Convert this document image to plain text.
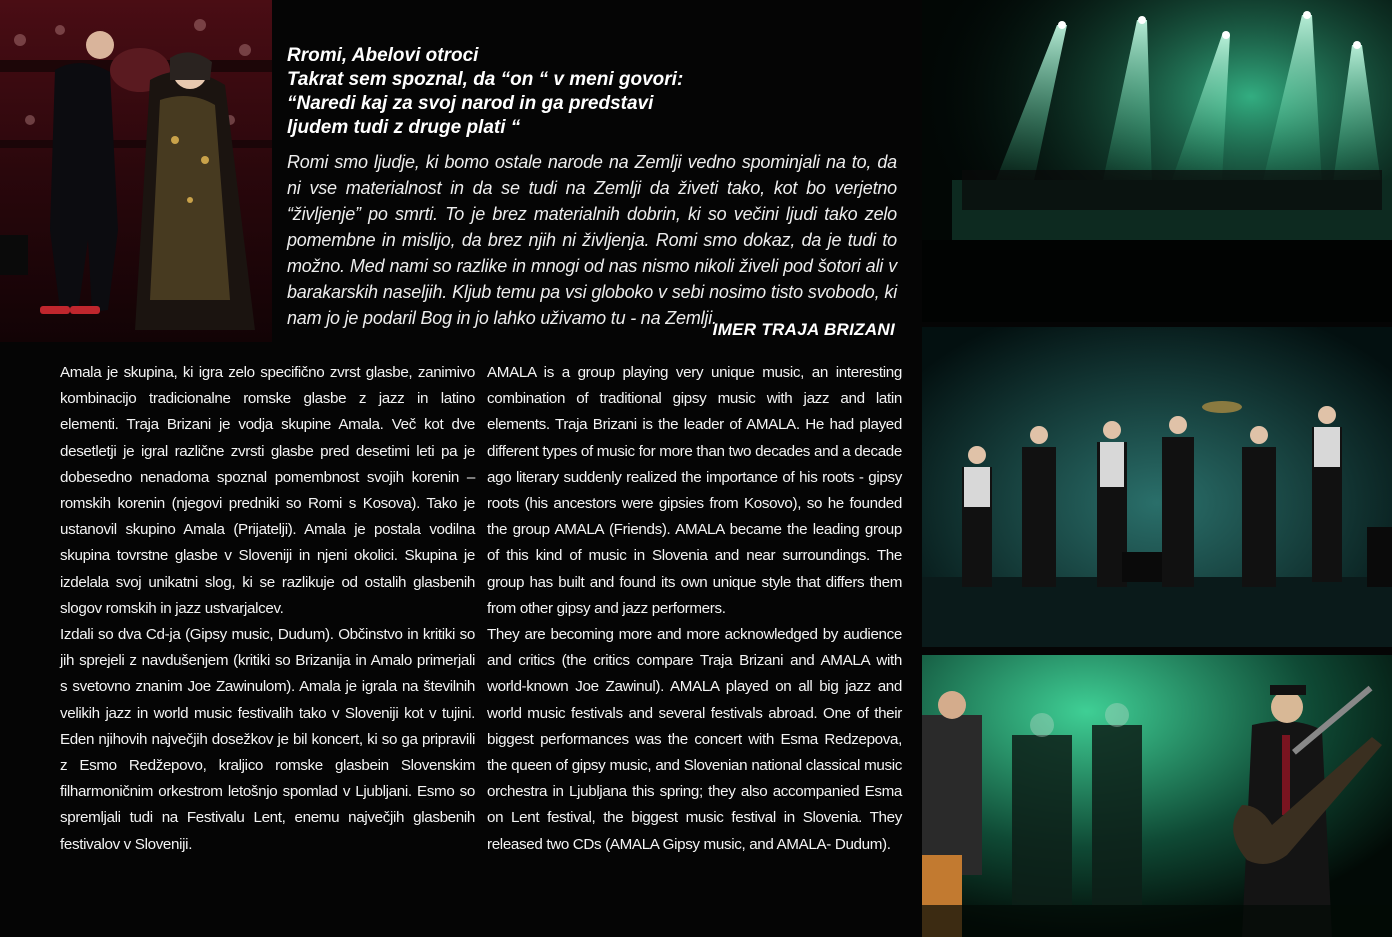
Rromi, Abelovi otroci
Takrat sem spoznal, da “on “ v meni govori:
“Naredi kaj za svoj narod in ga predstavi
ljudem tudi z druge plati “

Romi smo ljudje, ki bomo ostale narode na Zemlji vedno spominjali na to, da ni vse materialnost in da se tudi na Zemlji da živeti tako, kot bo verjetno “življenje” po smrti. To je brez materialnih dobrin, ki so večini ljudi tako zelo pomembne in mislijo, da brez njih ni življenja. Romi smo dokaz, da je tudi to možno. Med nami so razlike in mnogi od nas nismo nikoli živeli pod šotori ali v barakarskih naseljih. Kljub temu pa vsi globoko v sebi nosimo tisto svobodo, ki nam jo je podaril Bog in jo lahko uživamo tu - na Zemlji.

IMER TRAJA BRIZANI

Amala je skupina, ki igra zelo specifično zvrst glasbe, zanimivo kombinacijo tradicionalne romske glasbe z jazz in latino elementi. Traja Brizani je vodja skupine Amala. Več kot dve desetletji je igral različne zvrsti glasbe pred desetimi leti pa je dobesedno nenadoma spoznal pomembnost svojih korenin – romskih korenin (njegovi predniki so Romi s Kosova). Tako je ustanovil skupino Amala (Prijatelji). Amala je postala vodilna skupina tovrstne glasbe v Sloveniji in njeni okolici. Skupina je izdelala svoj unikatni slog, ki se razlikuje od ostalih glasbenih slogov romskih in jazz ustvarjalcev.

Izdali so dva Cd-ja (Gipsy music, Dudum). Občinstvo in kritiki so jih sprejeli z navdušenjem (kritiki so Brizanija in Amalo primerjali s svetovno znanim Joe Zawinulom). Amala je igrala na številnih velikih jazz in world music festivalih tako v Sloveniji kot v tujini. Eden njihovih največjih dosežkov je bil koncert, ki so ga pripravili z Esmo Redžepovo, kraljico romske glasbein Slovenskim filharmoničnim orkestrom letošnjo spomlad v Ljubljani. Esmo so spremljali tudi na Festivalu Lent, enemu največjih glasbenih festivalov v Sloveniji.

AMALA is a group playing very unique music, an interesting combination of traditional gipsy music with jazz and latin elements. Traja Brizani is the leader of AMALA. He had played different types of music for more than two decades and a decade ago literary suddenly realized the importance of his roots - gipsy roots (his ancestors were gipsies from Kosovo), so he founded the group AMALA (Friends). AMALA became the leading group of this kind of music in Slovenia and near surroundings. The group has built and found its own unique style that differs them from other gipsy and jazz performers.

They are becoming more and more acknowledged by audience and critics (the critics compare Traja Brizani and AMALA with world-known Joe Zawinul). AMALA played on all big jazz and world music festivals and several festivals abroad. One of their biggest performances was the concert with Esma Redzepova, the queen of gipsy music, and Slovenian national classical music orchestra in Ljubljana this spring; they also accompanied Esma on Lent festival, the biggest music festival in Slovenia. They released two CDs (AMALA Gipsy music, and AMALA- Dudum).
